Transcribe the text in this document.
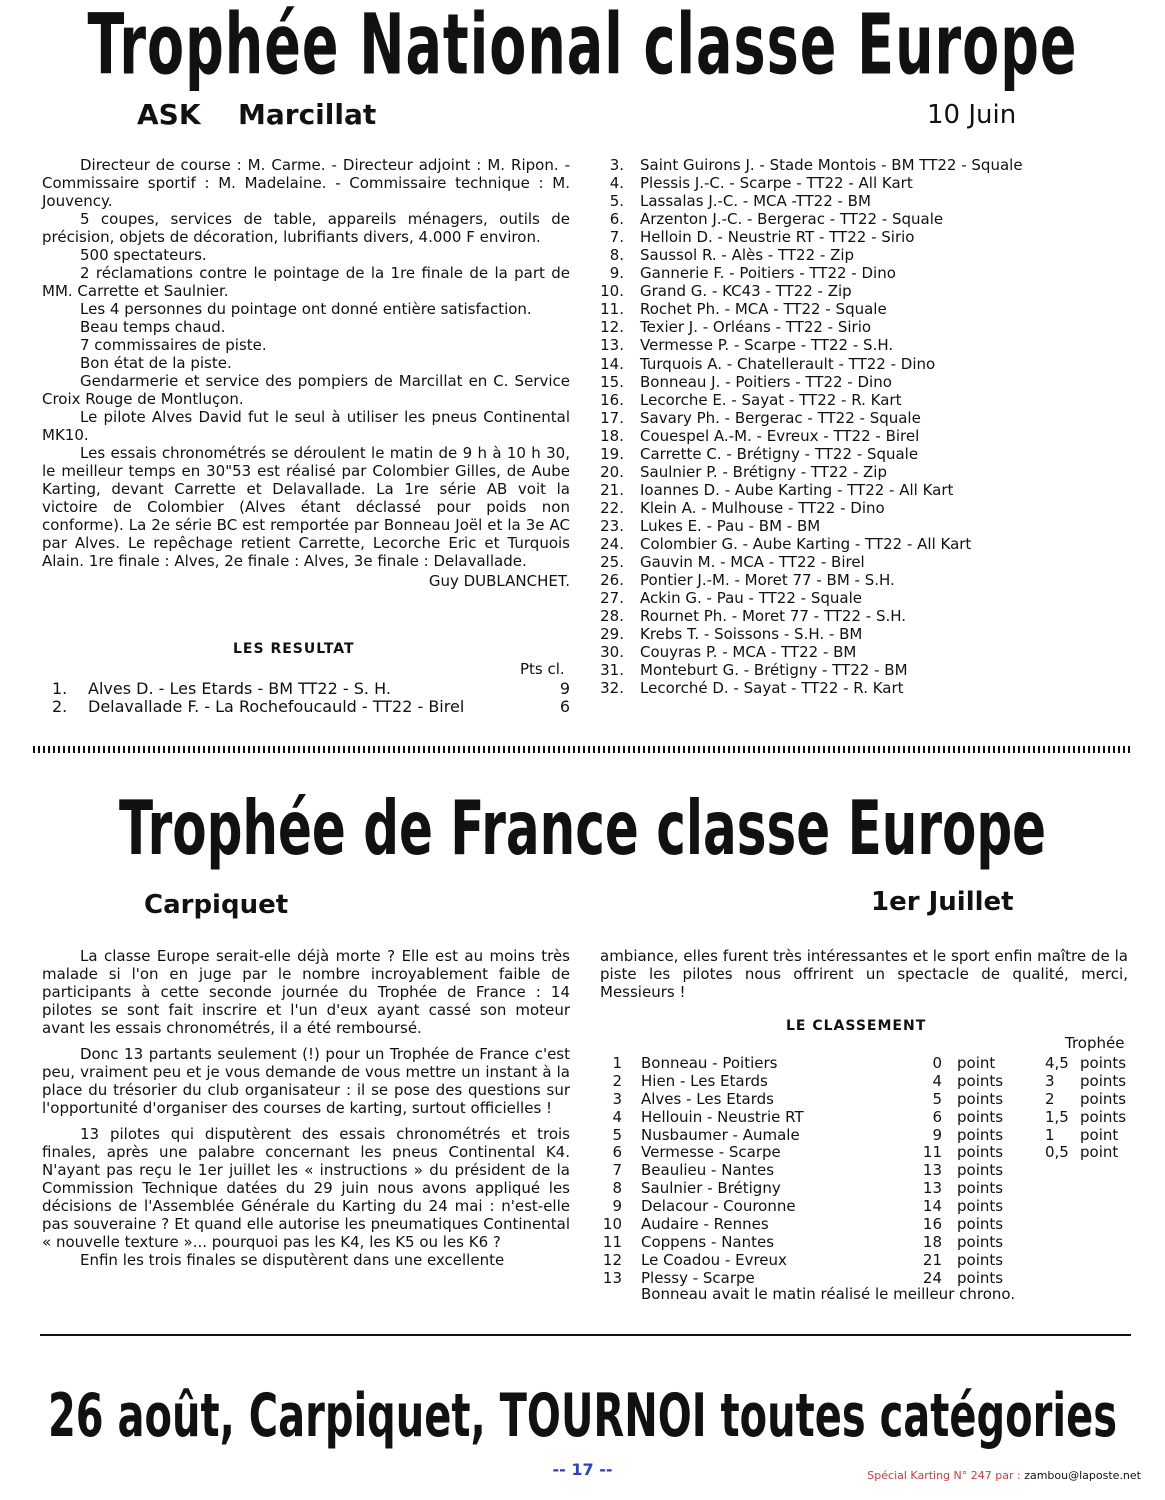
Trophée National classe Europe
ASK Marcillat	10 Juin

Directeur de course : M. Carme. - Directeur adjoint : M. Ripon. - Commissaire sportif : M. Madelaine. - Commissaire technique : M. Jouvency.

5 coupes, services de table, appareils ménagers, outils de précision, objets de décoration, lubrifiants divers, 4.000 F environ.

500 spectateurs.

2 réclamations contre le pointage de la 1re finale de la part de MM. Carrette et Saulnier.

Les 4 personnes du pointage ont donné entière satisfaction.

Beau temps chaud.

7 commissaires de piste.

Bon état de la piste.

Gendarmerie et service des pompiers de Marcillat en C. Service Croix Rouge de Montluçon.

Le pilote Alves David fut le seul à utiliser les pneus Continental MK10.

Les essais chronométrés se déroulent le matin de 9 h à 10 h 30, le meilleur temps en 30"53 est réalisé par Colombier Gilles, de Aube Karting, devant Carrette et Delavallade. La 1re série AB voit la victoire de Colombier (Alves étant déclassé pour poids non conforme). La 2e série BC est remportée par Bonneau Joël et la 3e AC par Alves. Le repêchage retient Carrette, Lecorche Eric et Turquois Alain. 1re finale : Alves, 2e finale : Alves, 3e finale : Delavallade.

Guy DUBLANCHET.

LES RESULTAT
Pts cl.
1. Alves D. - Les Etards - BM TT22 - S. H.	9
2. Delavallade F. - La Rochefoucauld - TT22 - Birel	6
3. Saint Guirons J. - Stade Montois - BM TT22 - Squale
4. Plessis J.-C. - Scarpe - TT22 - All Kart
5. Lassalas J.-C. - MCA -TT22 - BM
6. Arzenton J.-C. - Bergerac - TT22 - Squale
7. Helloin D. - Neustrie RT - TT22 - Sirio
8. Saussol R. - Alès - TT22 - Zip
9. Gannerie F. - Poitiers - TT22 - Dino
10. Grand G. - KC43 - TT22 - Zip
11. Rochet Ph. - MCA - TT22 - Squale
12. Texier J. - Orléans - TT22 - Sirio
13. Vermesse P. - Scarpe - TT22 - S.H.
14. Turquois A. - Chatellerault - TT22 - Dino
15. Bonneau J. - Poitiers - TT22 - Dino
16. Lecorche E. - Sayat - TT22 - R. Kart
17. Savary Ph. - Bergerac - TT22 - Squale
18. Couespel A.-M. - Evreux - TT22 - Birel
19. Carrette C. - Brétigny - TT22 - Squale
20. Saulnier P. - Brétigny - TT22 - Zip
21. Ioannes D. - Aube Karting - TT22 - All Kart
22. Klein A. - Mulhouse - TT22 - Dino
23. Lukes E. - Pau - BM - BM
24. Colombier G. - Aube Karting - TT22 - All Kart
25. Gauvin M. - MCA - TT22 - Birel
26. Pontier J.-M. - Moret 77 - BM - S.H.
27. Ackin G. - Pau - TT22 - Squale
28. Rournet Ph. - Moret 77 - TT22 - S.H.
29. Krebs T. - Soissons - S.H. - BM
30. Couyras P. - MCA - TT22 - BM
31. Monteburt G. - Brétigny - TT22 - BM
32. Lecorché D. - Sayat - TT22 - R. Kart
Trophée de France classe Europe
Carpiquet	1er Juillet

La classe Europe serait-elle déjà morte ? Elle est au moins très malade si l'on en juge par le nombre incroyablement faible de participants à cette seconde journée du Trophée de France : 14 pilotes se sont fait inscrire et l'un d'eux ayant cassé son moteur avant les essais chronométrés, il a été remboursé.

Donc 13 partants seulement (!) pour un Trophée de France c'est peu, vraiment peu et je vous demande de vous mettre un instant à la place du trésorier du club organisateur : il se pose des questions sur l'opportunité d'organiser des courses de karting, surtout officielles !

13 pilotes qui disputèrent des essais chronométrés et trois finales, après une palabre concernant les pneus Continental K4. N'ayant pas reçu le 1er juillet les « instructions » du président de la Commission Technique datées du 29 juin nous avons appliqué les décisions de l'Assemblée Générale du Karting du 24 mai : n'est-elle pas souveraine ? Et quand elle autorise les pneumatiques Continental « nouvelle texture »... pourquoi pas les K4, les K5 ou les K6 ?

Enfin les trois finales se disputèrent dans une excellente

ambiance, elles furent très intéressantes et le sport enfin maître de la piste les pilotes nous offrirent un spectacle de qualité, merci, Messieurs !

LE CLASSEMENT
Trophée
1 Bonneau - Poitiers	0 point	4,5 points
2 Hien - Les Etards	4 points	3 points
3 Alves - Les Etards	5 points	2 points
4 Hellouin - Neustrie RT	6 points	1,5 points
5 Nusbaumer - Aumale	9 points	1 point
6 Vermesse - Scarpe	11 points	0,5 point
7 Beaulieu - Nantes	13 points
8 Saulnier - Brétigny	13 points
9 Delacour - Couronne	14 points
10 Audaire - Rennes	16 points
11 Coppens - Nantes	18 points
12 Le Coadou - Evreux	21 points
13 Plessy - Scarpe	24 points
Bonneau avait le matin réalisé le meilleur chrono.
26 août, Carpiquet, TOURNOI toutes catégories
-- 17 --	Spécial Karting N° 247 par : zambou@laposte.net
